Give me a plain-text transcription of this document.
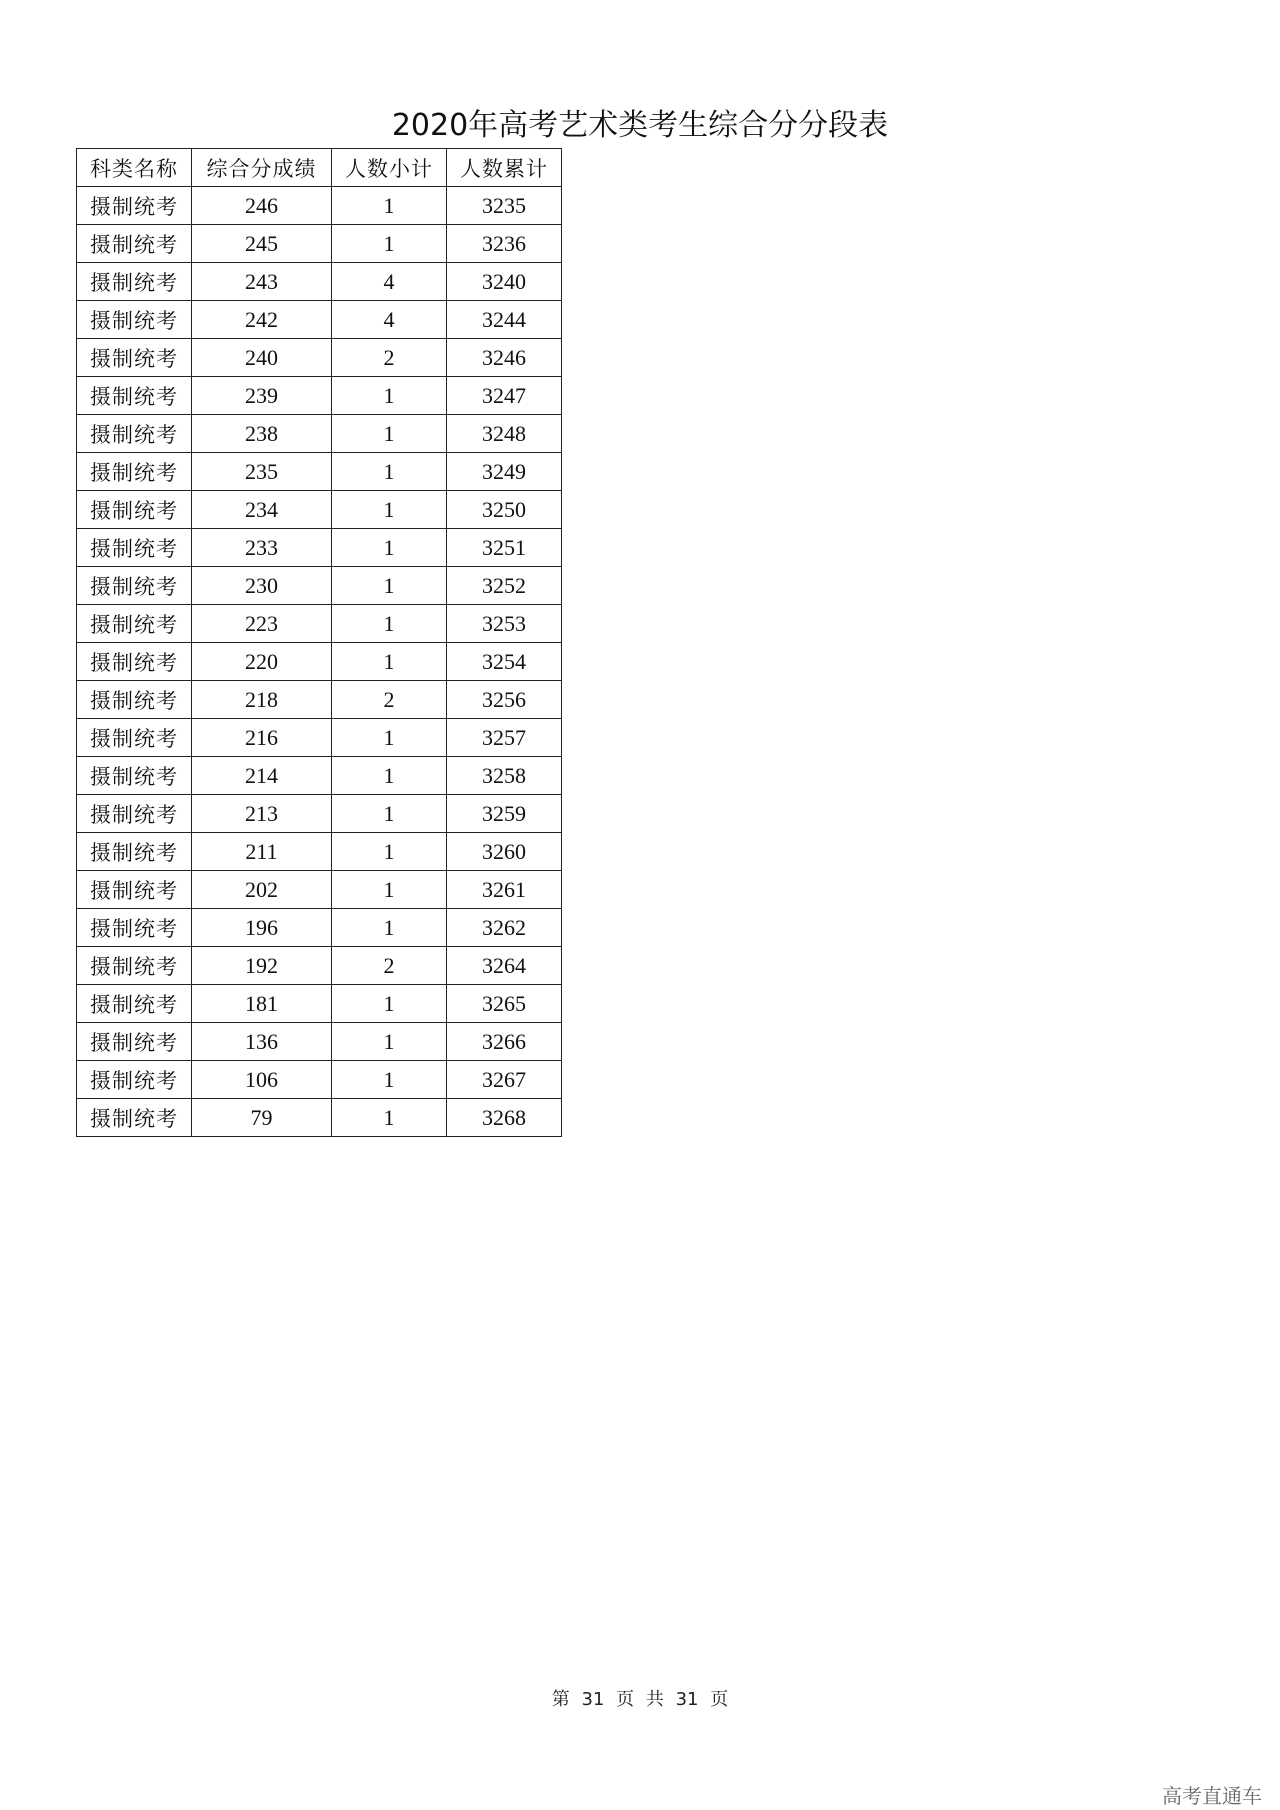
2020年高考艺术类考生综合分分段表
科类名称	综合分成绩	人数小计	人数累计
摄制统考	246	1	3235
摄制统考	245	1	3236
摄制统考	243	4	3240
摄制统考	242	4	3244
摄制统考	240	2	3246
摄制统考	239	1	3247
摄制统考	238	1	3248
摄制统考	235	1	3249
摄制统考	234	1	3250
摄制统考	233	1	3251
摄制统考	230	1	3252
摄制统考	223	1	3253
摄制统考	220	1	3254
摄制统考	218	2	3256
摄制统考	216	1	3257
摄制统考	214	1	3258
摄制统考	213	1	3259
摄制统考	211	1	3260
摄制统考	202	1	3261
摄制统考	196	1	3262
摄制统考	192	2	3264
摄制统考	181	1	3265
摄制统考	136	1	3266
摄制统考	106	1	3267
摄制统考	79	1	3268
第 31 页 共 31 页
高考直通车
